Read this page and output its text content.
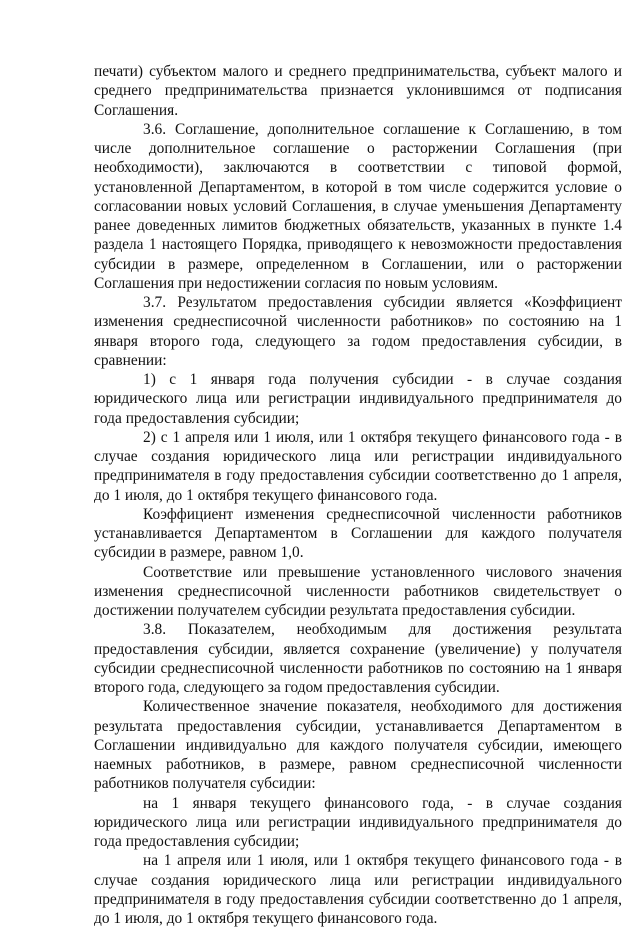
печати) субъектом малого и среднего предпринимательства, субъект малого и среднего предпринимательства признается уклонившимся от подписания Соглашения.

3.6. Соглашение, дополнительное соглашение к Соглашению, в том числе дополнительное соглашение о расторжении Соглашения (при необходимости), заключаются в соответствии с типовой формой, установленной Департаментом, в которой в том числе содержится условие о согласовании новых условий Соглашения, в случае уменьшения Департаменту ранее доведенных лимитов бюджетных обязательств, указанных в пункте 1.4 раздела 1 настоящего Порядка, приводящего к невозможности предоставления субсидии в размере, определенном в Соглашении, или о расторжении Соглашения при недостижении согласия по новым условиям.

3.7. Результатом предоставления субсидии является «Коэффициент изменения среднесписочной численности работников» по состоянию на 1 января второго года, следующего за годом предоставления субсидии, в сравнении:

1) с 1 января года получения субсидии - в случае создания юридического лица или регистрации индивидуального предпринимателя до года предоставления субсидии;

2) с 1 апреля или 1 июля, или 1 октября текущего финансового года - в случае создания юридического лица или регистрации индивидуального предпринимателя в году предоставления субсидии соответственно до 1 апреля, до 1 июля, до 1 октября текущего финансового года.

Коэффициент изменения среднесписочной численности работников устанавливается Департаментом в Соглашении для каждого получателя субсидии в размере, равном 1,0.

Соответствие или превышение установленного числового значения изменения среднесписочной численности работников свидетельствует о достижении получателем субсидии результата предоставления субсидии.

3.8. Показателем, необходимым для достижения результата предоставления субсидии, является сохранение (увеличение) у получателя субсидии среднесписочной численности работников по состоянию на 1 января второго года, следующего за годом предоставления субсидии.

Количественное значение показателя, необходимого для достижения результата предоставления субсидии, устанавливается Департаментом в Соглашении индивидуально для каждого получателя субсидии, имеющего наемных работников, в размере, равном среднесписочной численности работников получателя субсидии:

на 1 января текущего финансового года, - в случае создания юридического лица или регистрации индивидуального предпринимателя до года предоставления субсидии;

на 1 апреля или 1 июля, или 1 октября текущего финансового года - в случае создания юридического лица или регистрации индивидуального предпринимателя в году предоставления субсидии соответственно до 1 апреля, до 1 июля, до 1 октября текущего финансового года.
